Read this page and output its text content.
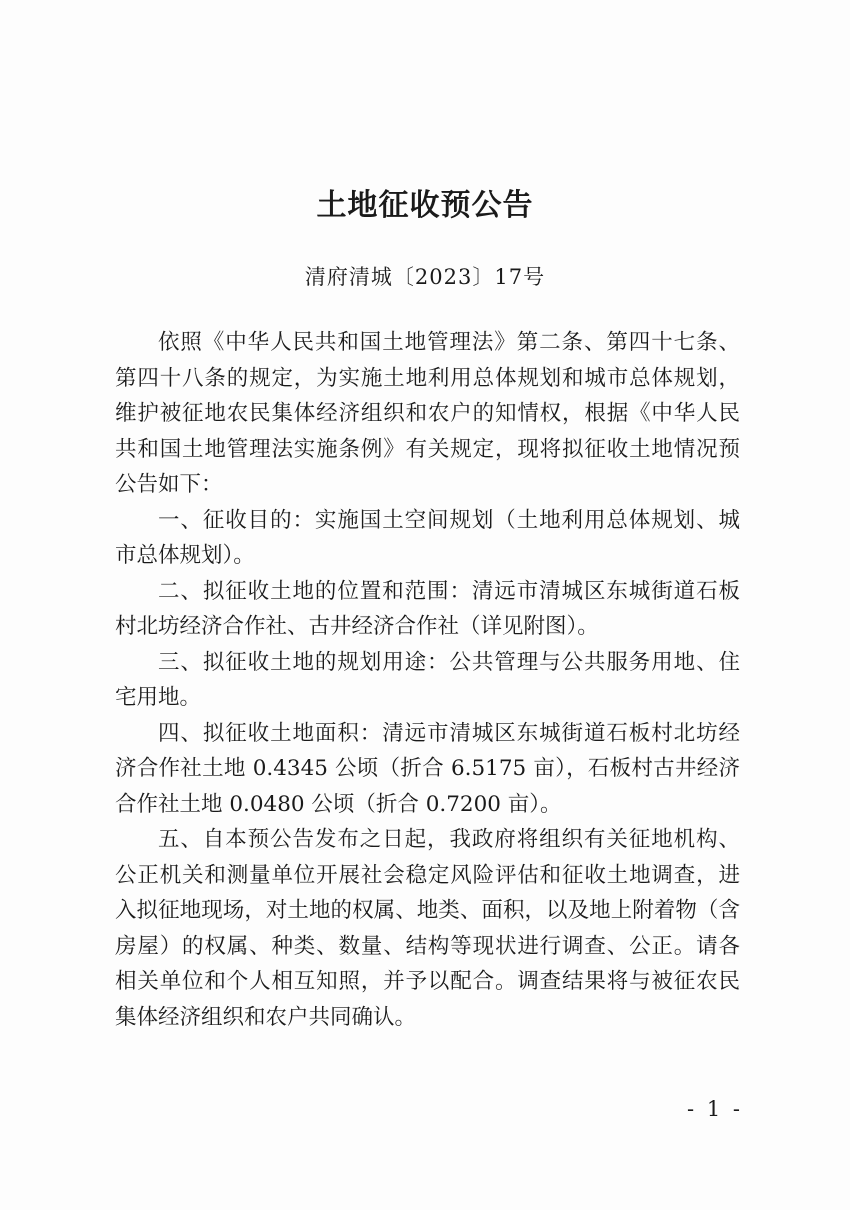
土地征收预公告
清府清城〔2023〕17号
依照《中华人民共和国土地管理法》第二条、第四十七条、
第四十八条的规定，为实施土地利用总体规划和城市总体规划，
维护被征地农民集体经济组织和农户的知情权，根据《中华人民
共和国土地管理法实施条例》有关规定，现将拟征收土地情况预
公告如下：
一、征收目的：实施国土空间规划（土地利用总体规划、城
市总体规划）。
二、拟征收土地的位置和范围：清远市清城区东城街道石板
村北坊经济合作社、古井经济合作社（详见附图）。
三、拟征收土地的规划用途：公共管理与公共服务用地、住
宅用地。
四、拟征收土地面积：清远市清城区东城街道石板村北坊经
济合作社土地 0.4345 公顷（折合 6.5175 亩），石板村古井经济
合作社土地 0.0480 公顷（折合 0.7200 亩）。
五、自本预公告发布之日起，我政府将组织有关征地机构、
公正机关和测量单位开展社会稳定风险评估和征收土地调查，进
入拟征地现场，对土地的权属、地类、面积，以及地上附着物（含
房屋）的权属、种类、数量、结构等现状进行调查、公正。请各
相关单位和个人相互知照，并予以配合。调查结果将与被征农民
集体经济组织和农户共同确认。
- 1 -
